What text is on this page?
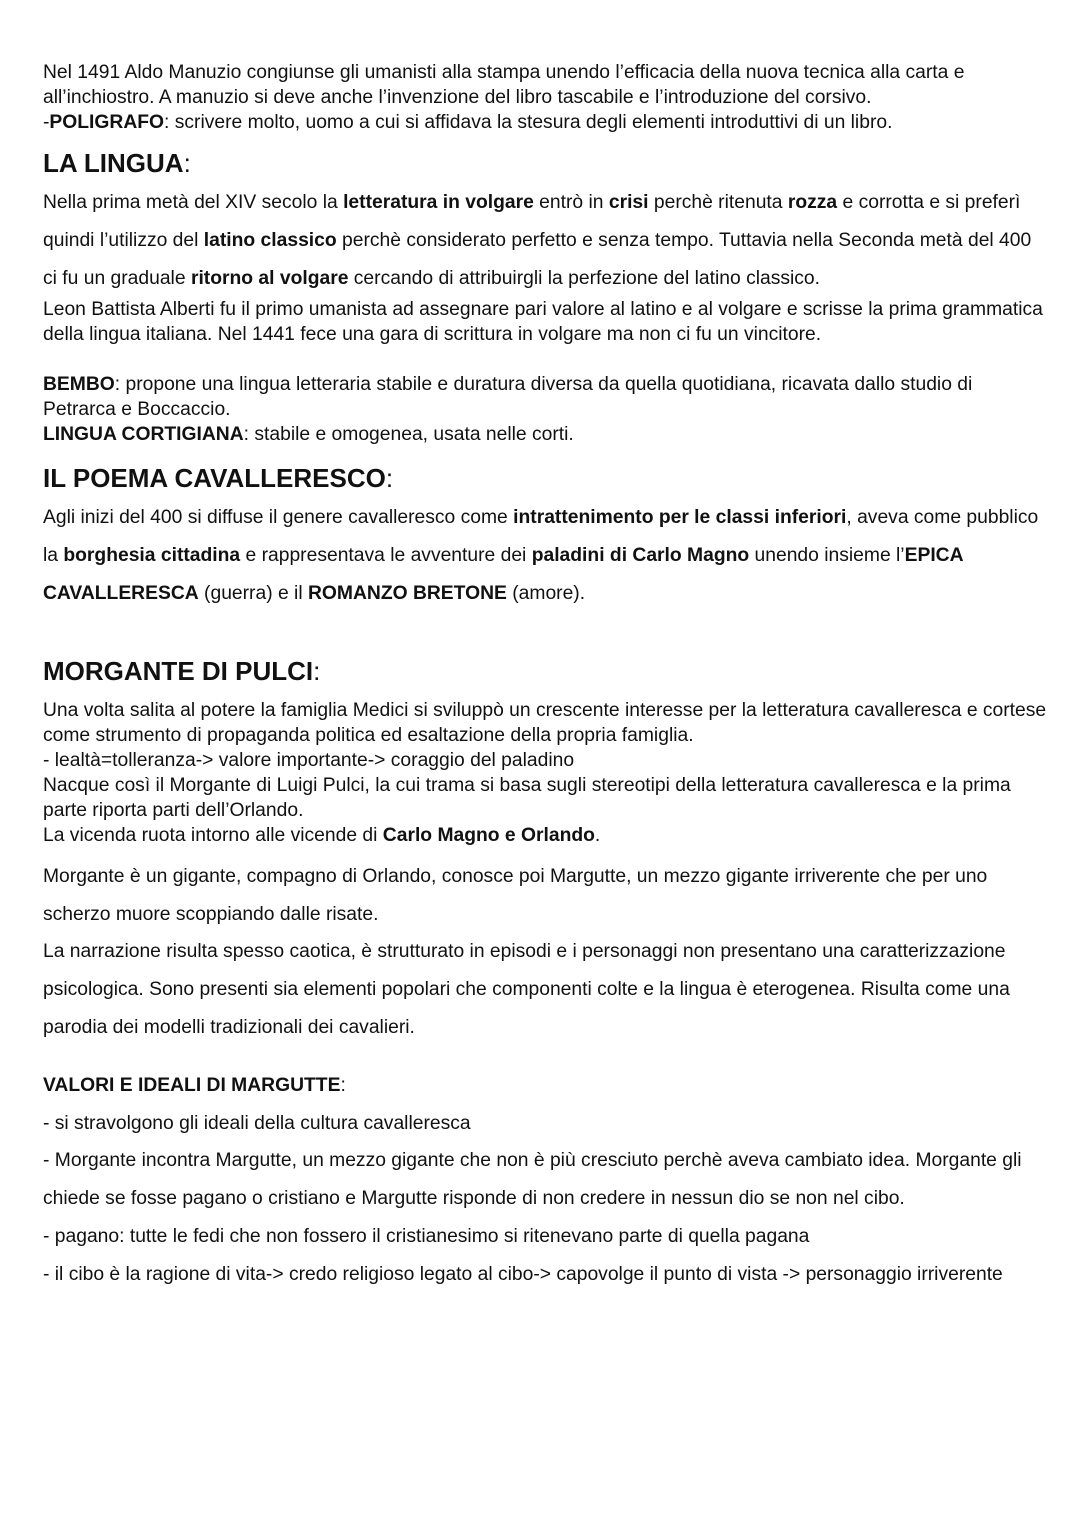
Nel 1491 Aldo Manuzio congiunse gli umanisti alla stampa unendo l’efficacia della nuova tecnica alla carta e all’inchiostro. A manuzio si deve anche l’invenzione del libro tascabile e l’introduzione del corsivo.

-POLIGRAFO: scrivere molto, uomo a cui si affidava la stesura degli elementi introduttivi di un libro.

LA LINGUA:

Nella prima metà del XIV secolo la letteratura in volgare entrò in crisi perchè ritenuta rozza e corrotta e si preferì quindi l’utilizzo del latino classico perchè considerato perfetto e senza tempo. Tuttavia nella Seconda metà del 400 ci fu un graduale ritorno al volgare cercando di attribuirgli la perfezione del latino classico.

Leon Battista Alberti fu il primo umanista ad assegnare pari valore al latino e al volgare e scrisse la prima grammatica della lingua italiana. Nel 1441 fece una gara di scrittura in volgare ma non ci fu un vincitore.

BEMBO: propone una lingua letteraria stabile e duratura diversa da quella quotidiana, ricavata dallo studio di Petrarca e Boccaccio.

LINGUA CORTIGIANA: stabile e omogenea, usata nelle corti.

IL POEMA CAVALLERESCO:

Agli inizi del 400 si diffuse il genere cavalleresco come intrattenimento per le classi inferiori, aveva come pubblico la borghesia cittadina e rappresentava le avventure dei paladini di Carlo Magno unendo insieme l’EPICA CAVALLERESCA (guerra) e il ROMANZO BRETONE (amore).

MORGANTE DI PULCI:

Una volta salita al potere la famiglia Medici si sviluppò un crescente interesse per la letteratura cavalleresca e cortese come strumento di propaganda politica ed esaltazione della propria famiglia.

- lealtà=tolleranza-> valore importante-> coraggio del paladino

Nacque così il Morgante di Luigi Pulci, la cui trama si basa sugli stereotipi della letteratura cavalleresca e la prima parte riporta parti dell’Orlando.

La vicenda ruota intorno alle vicende di Carlo Magno e Orlando.

Morgante è un gigante, compagno di Orlando, conosce poi Margutte, un mezzo gigante irriverente che per uno scherzo muore scoppiando dalle risate.

La narrazione risulta spesso caotica, è strutturato in episodi e i personaggi non presentano una caratterizzazione psicologica. Sono presenti sia elementi popolari che componenti colte e la lingua è eterogenea. Risulta come una parodia dei modelli tradizionali dei cavalieri.

VALORI E IDEALI DI MARGUTTE:

- si stravolgono gli ideali della cultura cavalleresca

- Morgante incontra Margutte, un mezzo gigante che non è più cresciuto perchè aveva cambiato idea. Morgante gli chiede se fosse pagano o cristiano e Margutte risponde di non credere in nessun dio se non nel cibo.

- pagano: tutte le fedi che non fossero il cristianesimo si ritenevano parte di quella pagana

- il cibo è la ragione di vita-> credo religioso legato al cibo-> capovolge il punto di vista -> personaggio irriverente
